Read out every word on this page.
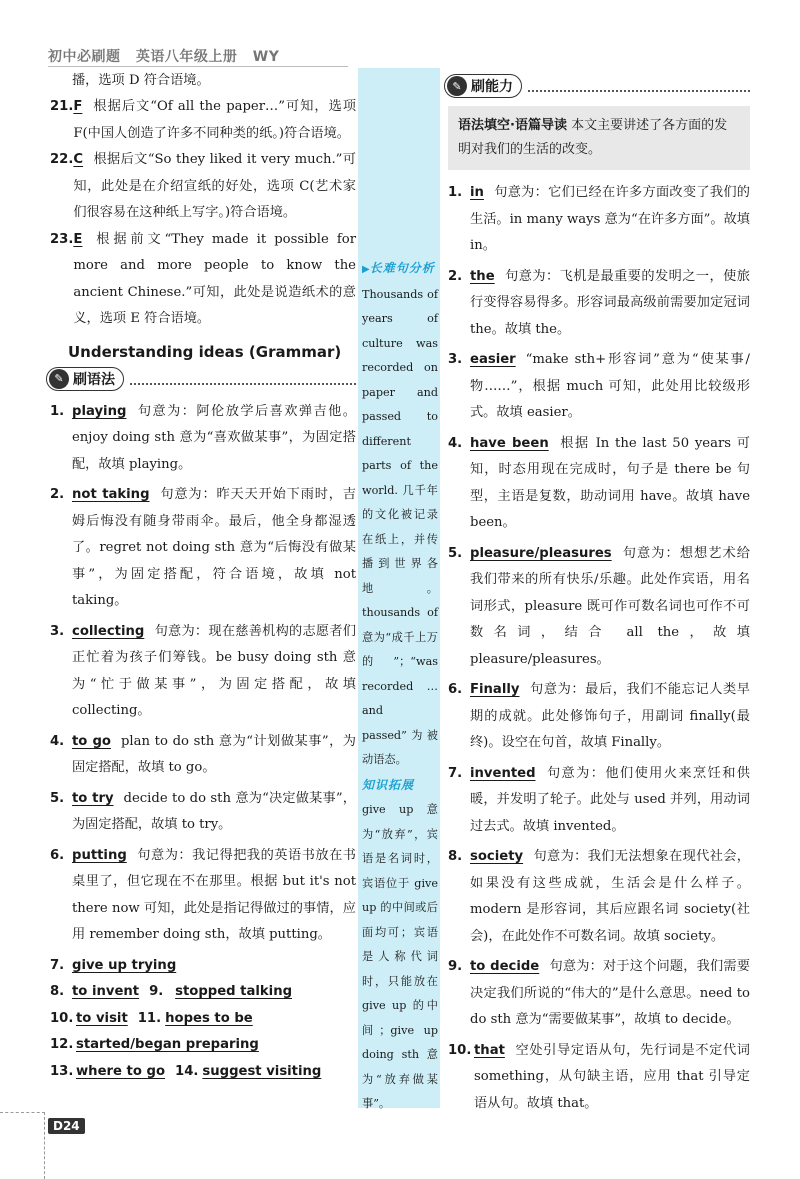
初中必刷题 英语八年级上册 WY

播，选项 D 符合语境。

21. F 根据后文“Of all the paper…”可知，选项 F(中国人创造了许多不同种类的纸。)符合语境。
22. C 根据后文“So they liked it very much.”可知，此处是在介绍宣纸的好处，选项 C(艺术家们很容易在这种纸上写字。)符合语境。
23. E 根据前文“They made it possible for more and more people to know the ancient Chinese.”可知，此处是说造纸术的意义，选项 E 符合语境。
Understanding ideas (Grammar)
✎ 刷语法
1. playing 句意为：阿伦放学后喜欢弹吉他。enjoy doing sth 意为“喜欢做某事”，为固定搭配，故填 playing。
2. not taking 句意为：昨天天开始下雨时，吉姆后悔没有随身带雨伞。最后，他全身都湿透了。regret not doing sth 意为“后悔没有做某事”，为固定搭配，符合语境，故填 not taking。
3. collecting 句意为：现在慈善机构的志愿者们正忙着为孩子们筹钱。be busy doing sth 意为“忙于做某事”，为固定搭配，故填 collecting。
4. to go plan to do sth 意为“计划做某事”，为固定搭配，故填 to go。
5. to try decide to do sth 意为“决定做某事”，为固定搭配，故填 to try。
6. putting 句意为：我记得把我的英语书放在书桌里了，但它现在不在那里。根据 but it's not there now 可知，此处是指记得做过的事情，应用 remember doing sth，故填 putting。
7. give up trying
8. to invent 9. stopped talking
10. to visit 11. hopes to be
12. started/began preparing
13. where to go 14. suggest visiting
▶长难句分析
Thousands of years of culture was recorded on paper and passed to different parts of the world. 几千年的文化被记录在纸上，并传播到世界各地。thousands of 意为“成千上万的”；“was recorded … and passed”为被动语态。
知识拓展
give up 意为“放弃”，宾语是名词时，宾语位于 give up 的中间或后面均可；宾语是人称代词时，只能放在 give up 的中间；give up doing sth 意为“放弃做某事”。
✎ 刷能力
语法填空·语篇导读 本文主要讲述了各方面的发明对我们的生活的改变。
1. in 句意为：它们已经在许多方面改变了我们的生活。in many ways 意为“在许多方面”。故填 in。
2. the 句意为：飞机是最重要的发明之一，使旅行变得容易得多。形容词最高级前需要加定冠词 the。故填 the。
3. easier “make sth+形容词”意为“使某事/物……”，根据 much 可知，此处用比较级形式。故填 easier。
4. have been 根据 In the last 50 years 可知，时态用现在完成时，句子是 there be 句型，主语是复数，助动词用 have。故填 have been。
5. pleasure/pleasures 句意为：想想艺术给我们带来的所有快乐/乐趣。此处作宾语，用名词形式，pleasure 既可作可数名词也可作不可数名词，结合 all the，故填 pleasure/pleasures。
6. Finally 句意为：最后，我们不能忘记人类早期的成就。此处修饰句子，用副词 finally(最终)。设空在句首，故填 Finally。
7. invented 句意为：他们使用火来烹饪和供暖，并发明了轮子。此处与 used 并列，用动词过去式。故填 invented。
8. society 句意为：我们无法想象在现代社会，如果没有这些成就，生活会是什么样子。modern 是形容词，其后应跟名词 society(社会)，在此处作不可数名词。故填 society。
9. to decide 句意为：对于这个问题，我们需要决定我们所说的“伟大的”是什么意思。need to do sth 意为“需要做某事”，故填 to decide。
10. that 空处引导定语从句，先行词是不定代词 something，从句缺主语，应用 that 引导定语从句。故填 that。
D24
